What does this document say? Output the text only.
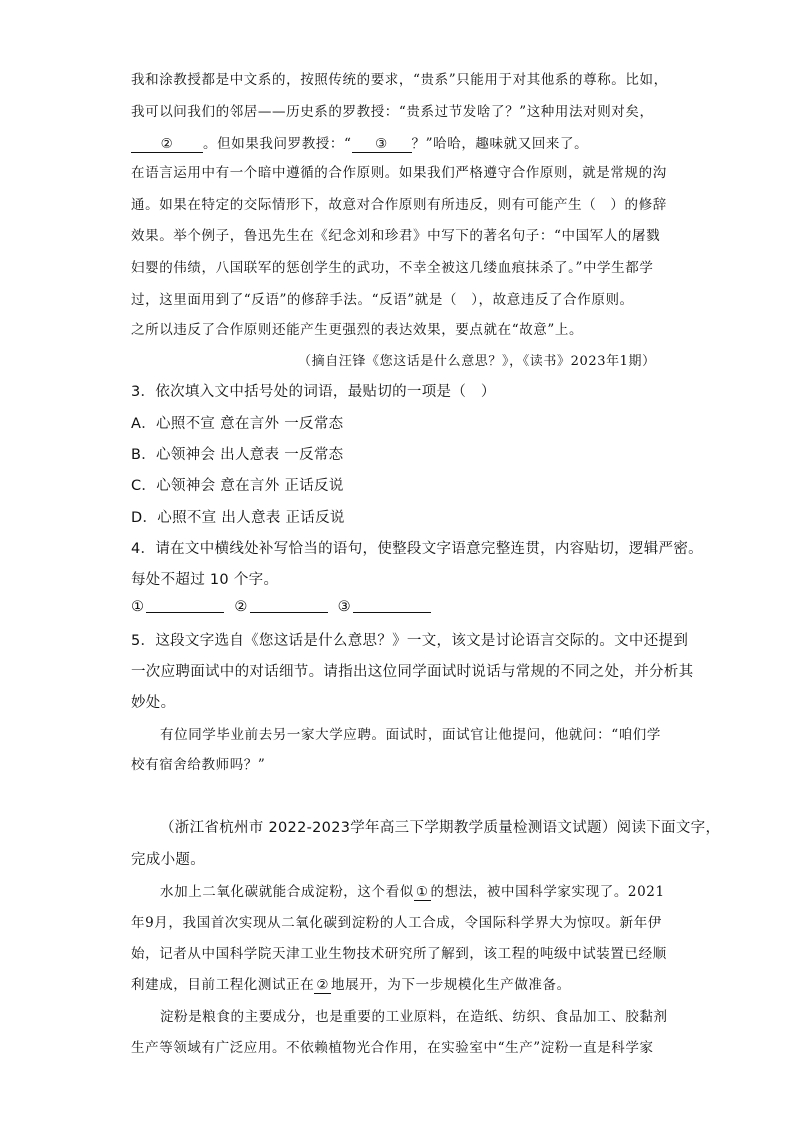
我和涂教授都是中文系的，按照传统的要求，“贵系”只能用于对其他系的尊称。比如，
我可以问我们的邻居——历史系的罗教授：“贵系过节发啥了？”这种用法对则对矣，
② 。但如果我问罗教授：“ ③ ？”哈哈，趣味就又回来了。
在语言运用中有一个暗中遵循的合作原则。如果我们严格遵守合作原则，就是常规的沟
通。如果在特定的交际情形下，故意对合作原则有所违反，则有可能产生（　）的修辞
效果。举个例子，鲁迅先生在《纪念刘和珍君》中写下的著名句子：“中国军人的屠戮
妇婴的伟绩，八国联军的惩创学生的武功，不幸全被这几缕血痕抹杀了。”中学生都学
过，这里面用到了“反语”的修辞手法。“反语”就是（　），故意违反了合作原则。
之所以违反了合作原则还能产生更强烈的表达效果，要点就在“故意”上。
（摘自汪锋《您这话是什么意思？》，《读书》2023年1期）
3．依次填入文中括号处的词语，最贴切的一项是（　）
A．心照不宣 意在言外 一反常态
B．心领神会 出人意表 一反常态
C．心领神会 意在言外 正话反说
D．心照不宣 出人意表 正话反说
4．请在文中横线处补写恰当的语句，使整段文字语意完整连贯，内容贴切，逻辑严密。
每处不超过 10 个字。
①	②	③
5．这段文字选自《您这话是什么意思？》一文，该文是讨论语言交际的。文中还提到
一次应聘面试中的对话细节。请指出这位同学面试时说话与常规的不同之处，并分析其
妙处。
有位同学毕业前去另一家大学应聘。面试时，面试官让他提问，他就问：“咱们学
校有宿舍给教师吗？”
（浙江省杭州市 2022-2023学年高三下学期教学质量检测语文试题）阅读下面文字，
完成小题。
水加上二氧化碳就能合成淀粉，这个看似 ① 的想法，被中国科学家实现了。2021
年9月，我国首次实现从二氧化碳到淀粉的人工合成，令国际科学界大为惊叹。新年伊
始，记者从中国科学院天津工业生物技术研究所了解到，该工程的吨级中试装置已经顺
利建成，目前工程化测试正在 ② 地展开，为下一步规模化生产做准备。
淀粉是粮食的主要成分，也是重要的工业原料，在造纸、纺织、食品加工、胶黏剂
生产等领域有广泛应用。不依赖植物光合作用，在实验室中“生产”淀粉一直是科学家
